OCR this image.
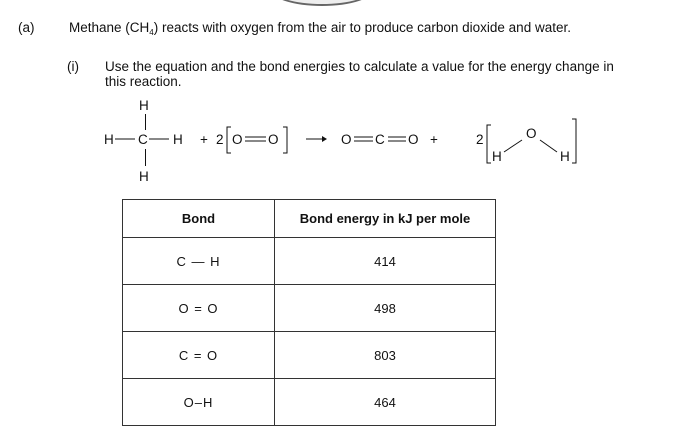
(a)	Methane $(CH_4)$ reacts with oxygen from the air to produce carbon dioxide and water.
(i) Use the equation and the bond energies to calculate a value for the energy change in this reaction.
H
H C H
H
+ 2 O O	O C O +	2
H
O
H
Bond	Bond energy in kJ per mole
C — H	414
O = O	498
C = O	803
O–H	464
